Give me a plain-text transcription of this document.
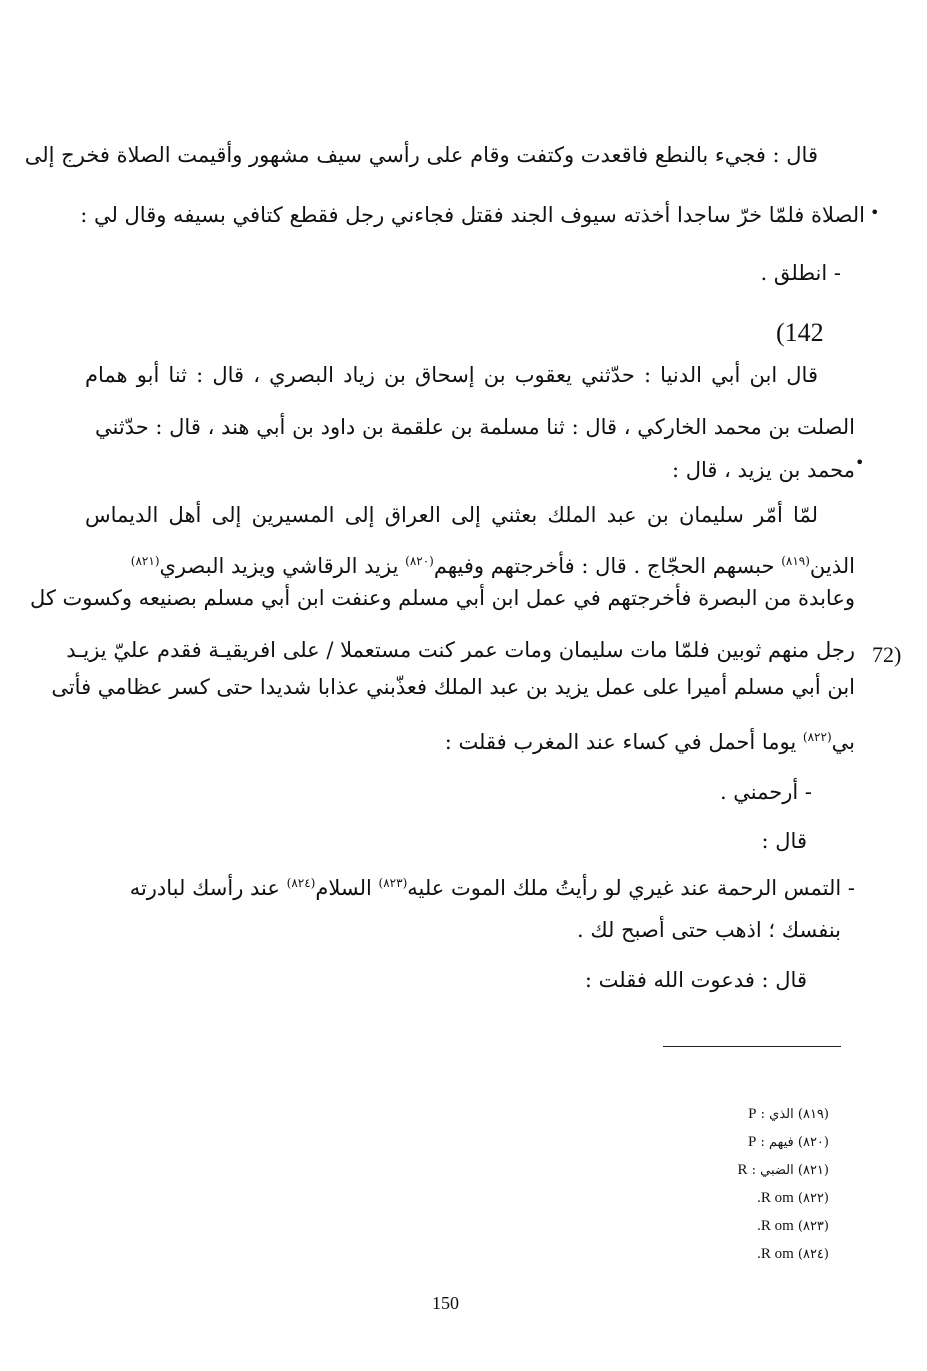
قال : فجيء بالنطع فاقعدت وكتفت وقام على رأسي سيف مشهور وأقيمت الصلاة فخرج إلى
الصلاة فلمّا خرّ ساجدا أخذته سيوف الجند فقتل فجاءني رجل فقطع كتافي بسيفه وقال لي : •
- انطلق .
(142
قال ابن أبي الدنيا : حدّثني يعقوب بن إسحاق بن زياد البصري ، قال : ثنا أبو همام
الصلت بن محمد الخاركي ، قال : ثنا مسلمة بن علقمة بن داود بن أبي هند ، قال : حدّثني
محمد بن يزيد ، قال : •
لمّا أمّر سليمان بن عبد الملك بعثني إلى العراق إلى المسيرين إلى أهل الديماس
الذين$^{(٨١٩)}$ حبسهم الحجّاج . قال : فأخرجتهم وفيهم$^{(٨٢٠)}$ يزيد الرقاشي ويزيد البصري$^{(٨٢١)}$
وعابدة من البصرة فأخرجتهم في عمل ابن أبي مسلم وعنفت ابن أبي مسلم بصنيعه وكسوت كل
رجل منهم ثوبين فلمّا مات سليمان ومات عمر كنت مستعملا / على افريقيـة فقدم عليّ يزيـد 72)
ابن أبي مسلم أميرا على عمل يزيد بن عبد الملك فعذّبني عذابا شديدا حتى كسر عظامي فأتى
بي$^{(٨٢٢)}$ يوما أحمل في كساء عند المغرب فقلت :
- أرحمني .
قال :
- التمس الرحمة عند غيري لو رأيتُ ملك الموت عليه$^{(٨٢٣)}$ السلام$^{(٨٢٤)}$ عند رأسك لبادرته
بنفسك ؛ اذهب حتى أصبح لك .
قال : فدعوت الله فقلت :
(٨١٩) الذي : P
(٨٢٠) فيهم : P
(٨٢١) الضبي : R
(٨٢٢) R om.
(٨٢٣) R om.
(٨٢٤) R om.
150
